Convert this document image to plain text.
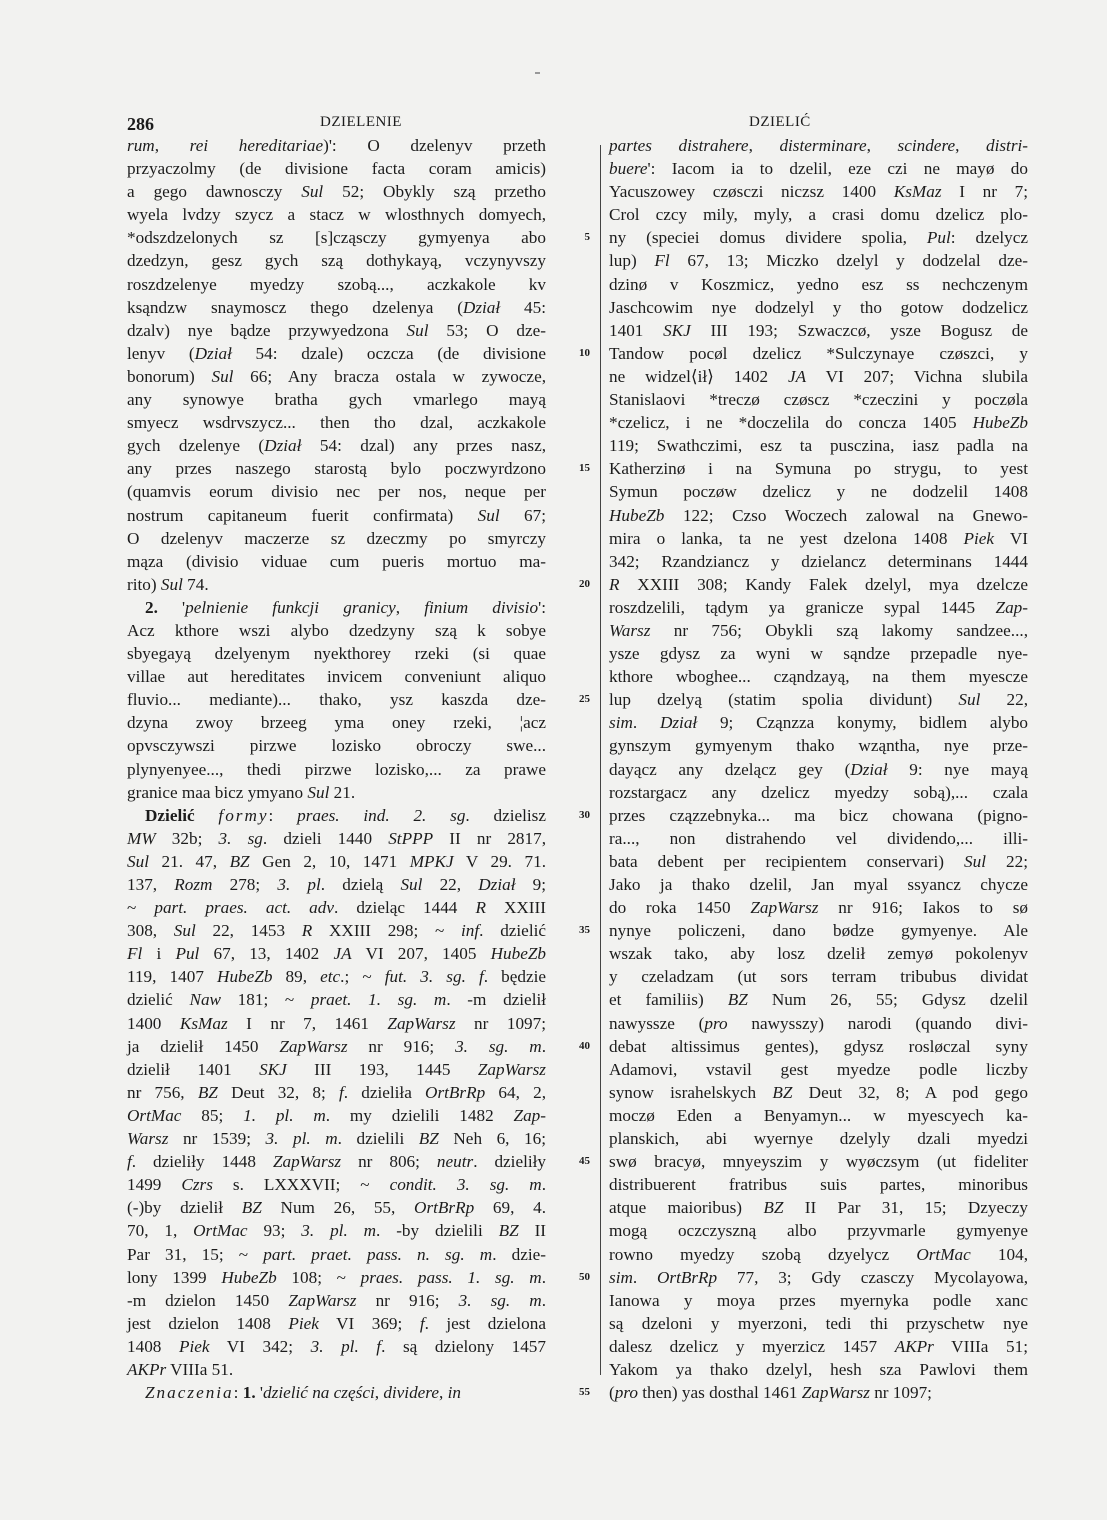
286	DZIELENIE	DZIELIĆ
rum, rei hereditariae)': O dzelenyv przeth
przyaczolmy (de divisione facta coram amicis)
a gego dawnosczy Sul 52; Obykly szą przetho
wyela lvdzy szycz a stacz w wlosthnych domyech,
*odszdzelonych sz [s]cząsczy gymyenya abo
dzedzyn, gesz gych szą dothykayą, vczynyvszy
roszdzelenye myedzy szobą..., aczkakole kv
ksąndzw snaymoscz thego dzelenya (Dział 45:
dzalv) nye bądze przywyedzona Sul 53; O dze-
lenyv (Dział 54: dzale) oczcza (de divisione
bonorum) Sul 66; Any bracza ostala w zywocze,
any synowye bratha gych vmarlego mayą
smyecz wsdrvszycz... then tho dzal, aczkakole
gych dzelenye (Dział 54: dzal) any przes nasz,
any przes naszego starostą bylo poczwyrdzono
(quamvis eorum divisio nec per nos, neque per
nostrum capitaneum fuerit confirmata) Sul 67;
O dzelenyv maczerze sz dzeczmy po smyrczy
mąza (divisio viduae cum pueris mortuo ma-
rito) Sul 74.
2. 'pelnienie funkcji granicy, finium divisio':
Acz kthore wszi alybo dzedzyny szą k sobye
sbyegayą dzelyenym nyekthorey rzeki (si quae
villae aut hereditates invicem conveniunt aliquo
fluvio... mediante)... thako, ysz kaszda dze-
dzyna zwoy brzeeg yma oney rzeki, ¦acz
opvsczywszi pirzwe lozisko obroczy swe...
plynyenyee..., thedi pirzwe lozisko,... za prawe
granice maa bicz ymyano Sul 21.
Dzielić formy: praes. ind. 2. sg. dzielisz
MW 32b; 3. sg. dzieli 1440 StPPP II nr 2817,
Sul 21. 47, BZ Gen 2, 10, 1471 MPKJ V 29. 71.
137, Rozm 278; 3. pl. dzielą Sul 22, Dział 9;
~ part. praes. act. adv. dzieląc 1444 R XXIII
308, Sul 22, 1453 R XXIII 298; ~ inf. dzielić
Fl i Pul 67, 13, 1402 JA VI 207, 1405 HubeZb
119, 1407 HubeZb 89, etc.; ~ fut. 3. sg. f. będzie
dzielić Naw 181; ~ praet. 1. sg. m. -m dzielił
1400 KsMaz I nr 7, 1461 ZapWarsz nr 1097;
ja dzielił 1450 ZapWarsz nr 916; 3. sg. m.
dzielił 1401 SKJ III 193, 1445 ZapWarsz
nr 756, BZ Deut 32, 8; f. dzieliła OrtBrRp 64, 2,
OrtMac 85; 1. pl. m. my dzielili 1482 Zap-
Warsz nr 1539; 3. pl. m. dzielili BZ Neh 6, 16;
f. dzieliły 1448 ZapWarsz nr 806; neutr. dzieliły
1499 Czrs s. LXXXVII; ~ condit. 3. sg. m.
(-)by dzielił BZ Num 26, 55, OrtBrRp 69, 4.
70, 1, OrtMac 93; 3. pl. m. -by dzielili BZ II
Par 31, 15; ~ part. praet. pass. n. sg. m. dzie-
lony 1399 HubeZb 108; ~ praes. pass. 1. sg. m.
-m dzielon 1450 ZapWarsz nr 916; 3. sg. m.
jest dzielon 1408 Piek VI 369; f. jest dzielona
1408 Piek VI 342; 3. pl. f. są dzielony 1457
AKPr VIIIa 51.
Znaczenia: 1. 'dzielić na części, dividere, in
5
10
15
20
25
30
35
40
45
50
55
partes distrahere, disterminare, scindere, distri-
buere': Iacom ia to dzelil, eze czi ne mayø do
Yacuszowey czøsczi niczsz 1400 KsMaz I nr 7;
Crol czcy mily, myly, a crasi domu dzelicz plo-
ny (speciei domus dividere spolia, Pul: dzelycz
lup) Fl 67, 13; Miczko dzelyl y dodzelal dze-
dzinø v Koszmicz, yedno esz ss nechczenym
Jaschcowim nye dodzelyl y tho gotow dodzelicz
1401 SKJ III 193; Szwaczcø, ysze Bogusz de
Tandow pocøl dzelicz *Sulczynaye czøszci, y
ne widzel⟨ił⟩ 1402 JA VI 207; Vichna slubila
Stanislaovi *treczø czøscz *czeczini y poczøla
*czelicz, i ne *doczelila do concza 1405 HubeZb
119; Swathczimi, esz ta pusczina, iasz padla na
Katherzinø i na Symuna po strygu, to yest
Symun poczøw dzelicz y ne dodzelil 1408
HubeZb 122; Czso Woczech zalowal na Gnewo-
mira o lanka, ta ne yest dzelona 1408 Piek VI
342; Rzandziancz y dzielancz determinans 1444
R XXIII 308; Kandy Falek dzelyl, mya dzelcze
roszdzelili, tądym ya granicze sypal 1445 Zap-
Warsz nr 756; Obykli szą lakomy sandzee...,
ysze gdysz za wyni w sąndze przepadle nye-
kthore wboghee... cząndzayą, na them myescze
lup dzelyą (statim spolia dividunt) Sul 22,
sim. Dział 9; Cząnzza konymy, bidlem alybo
gynszym gymyenym thako wząntha, nye prze-
dayącz any dzelącz gey (Dział 9: nye mayą
rozstargacz any dzelicz myedzy sobą),... czala
przes czązzebnyka... ma bicz chowana (pigno-
ra..., non distrahendo vel dividendo,... illi-
bata debent per recipientem conservari) Sul 22;
Jako ja thako dzelil, Jan myal ssyancz chycze
do roka 1450 ZapWarsz nr 916; Iakos to sø
nynye policzeni, dano bødze gymyenye. Ale
wszak tako, aby losz dzelił zemyø pokolenyv
y czeladzam (ut sors terram tribubus dividat
et familiis) BZ Num 26, 55; Gdysz dzelil
nawyssze (pro nawysszy) narodi (quando divi-
debat altissimus gentes), gdysz rosløczal syny
Adamovi, vstavil gest myedze podle liczby
synow israhelskych BZ Deut 32, 8; A pod gego
moczø Eden a Benyamyn... w myescyech ka-
planskich, abi wyernye dzelyly dzali myedzi
swø bracyø, mnyeyszim y wyøczsym (ut fideliter
distribuerent fratribus suis partes, minoribus
atque maioribus) BZ II Par 31, 15; Dzyeczy
mogą oczczyszną albo przyvmarle gymyenye
rowno myedzy szobą dzyelycz OrtMac 104,
sim. OrtBrRp 77, 3; Gdy czasczy Mycolayowa,
Ianowa y moya przes myernyka podle xanc
są dzeloni y myerzoni, tedi thi przyschetw nye
dalesz dzelicz y myerzicz 1457 AKPr VIIIa 51;
Yakom ya thako dzelyl, hesh sza Pawlovi them
(pro then) yas dosthal 1461 ZapWarsz nr 1097;
